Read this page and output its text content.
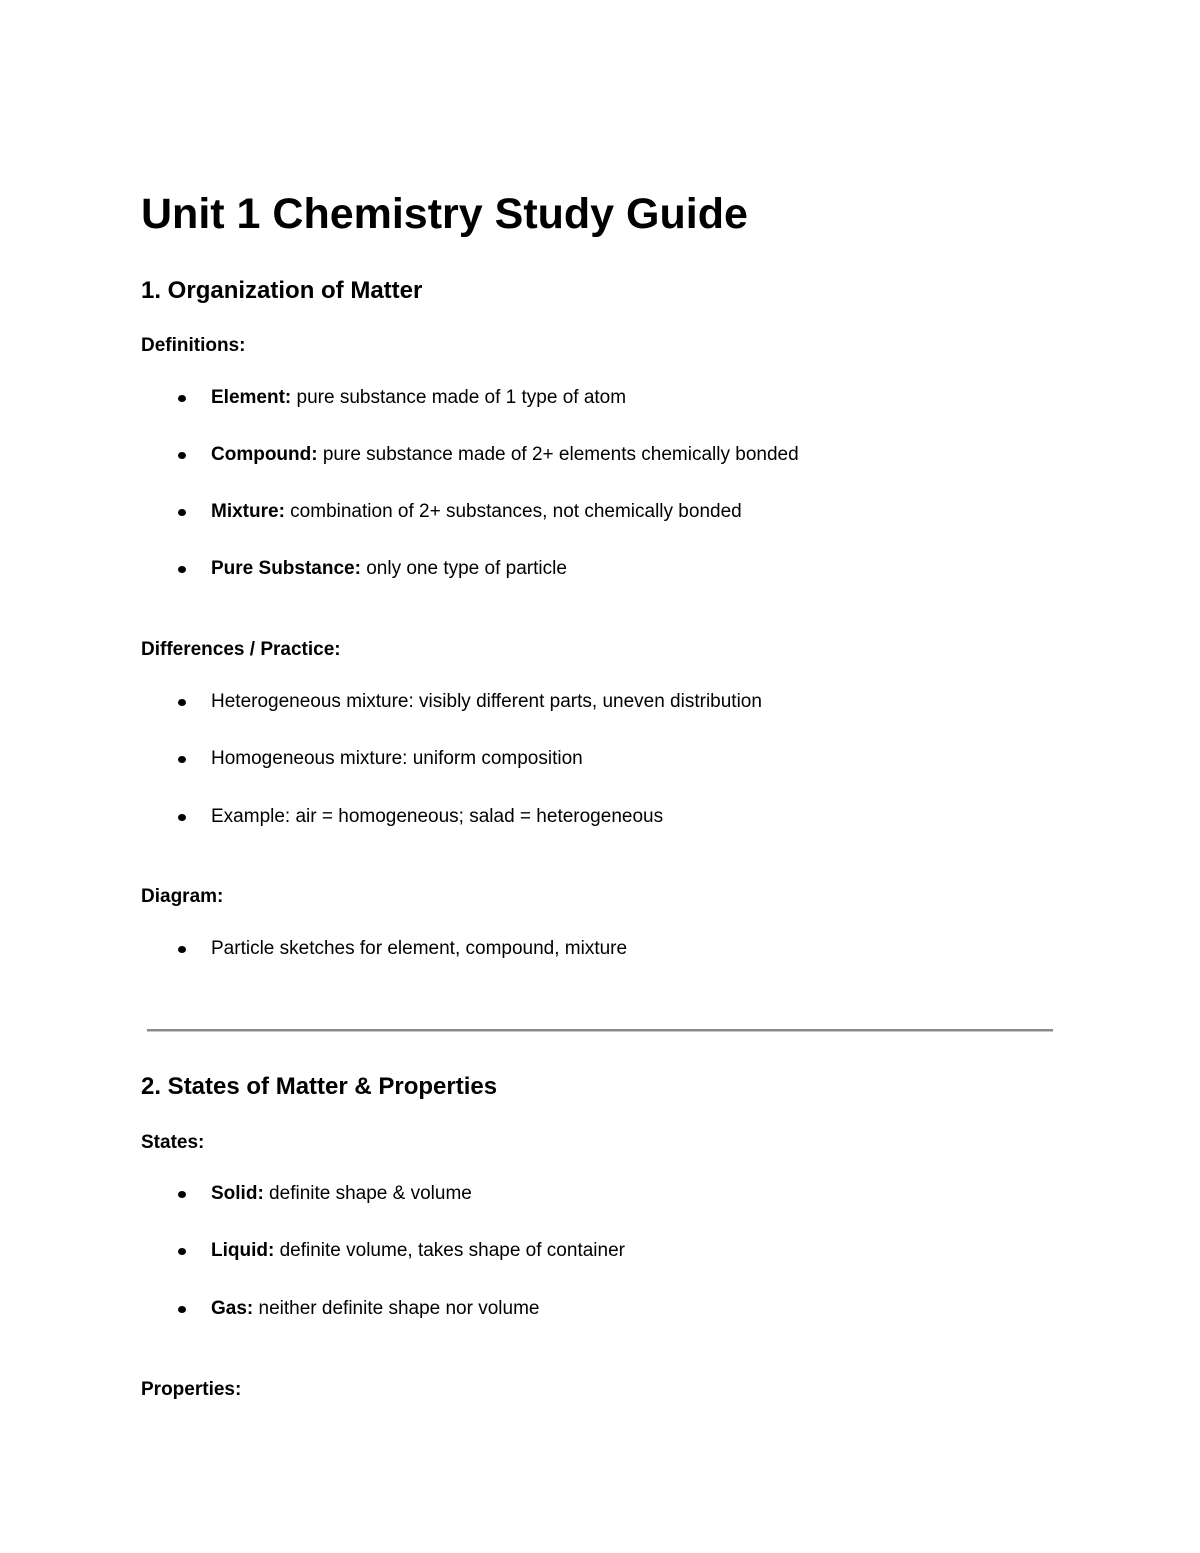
Unit 1 Chemistry Study Guide
1. Organization of Matter

Definitions:

Element: pure substance made of 1 type of atom

Compound: pure substance made of 2+ elements chemically bonded

Mixture: combination of 2+ substances, not chemically bonded

Pure Substance: only one type of particle

Differences / Practice:

Heterogeneous mixture: visibly different parts, uneven distribution

Homogeneous mixture: uniform composition

Example: air = homogeneous; salad = heterogeneous

Diagram:

Particle sketches for element, compound, mixture

2. States of Matter & Properties

States:

Solid: definite shape & volume

Liquid: definite volume, takes shape of container

Gas: neither definite shape nor volume

Properties:
